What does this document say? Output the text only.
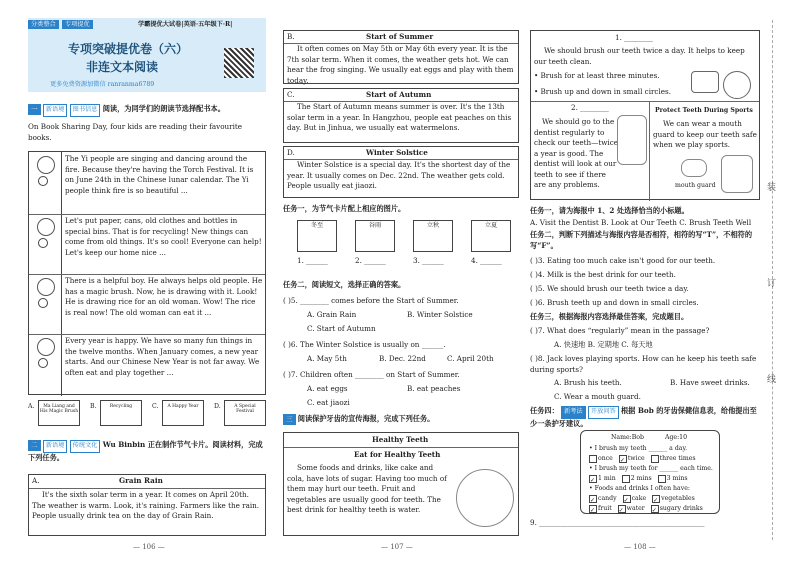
分类整合	专项提优	学霸提优大试卷|英语·五年级下·R|
专项突破提优卷（六）
非连文本阅读
更多免费资源加微信 ranranma6789
一 新语境 图书信息 阅读，为同学们的朗读节选择配书本。
On Book Sharing Day, four kids are reading their favourite books.
The Yi people are singing and dancing around the fire. Because they're having the Torch Festival. It is on June 24th in the Chinese lunar calendar. The Yi people think fire is so beautiful ...
Let's put paper, cans, old clothes and bottles in special bins. That is for recycling! New things can come from old things. It's so cool! Everyone can help! Let's keep our home nice ...
There is a helpful boy. He always helps old people. He has a magic brush. Now, he is drawing with it. Look! He is drawing rice for an old woman. Wow! The rice is real now! The old woman can eat it ...
Every year is happy. We have so many fun things in the twelve months. When January comes, a new year starts. And our Chinese New Year is not far away. We often eat and play together ...
A.	Ma Liang and His Magic Brush
B.	Recycling	C.	A Happy Year	D.	A Special Festival
二 新语境 传统文化 Wu Binbin 正在制作节气卡片。阅读材料，完成下列任务。
A.	Grain Rain
It's the sixth solar term in a year. It comes on April 20th. The weather is warm. Look, it's raining. Farmers like the rain. People usually drink tea on the day of Grain Rain.
— 106 —
B.	Start of Summer
It often comes on May 5th or May 6th every year. It is the 7th solar term. When it comes, the weather gets hot. We can hear the frog singing. We usually eat eggs and play with them today.
C.	Start of Autumn
The Start of Autumn means summer is over. It's the 13th solar term in a year. In Hangzhou, people eat peaches on this day. But in Jinhua, we usually eat watermelons.
D.	Winter Solstice
Winter Solstice is a special day. It's the shortest day of the year. It usually comes on Dec. 22nd. The weather gets cold. People usually eat jiaozi.
任务一，为节气卡片配上相应的图片。
冬至	谷雨	立秋	立夏
1. ______	2. ______	3. ______	4. ______
任务二，阅读短文，选择正确的答案。
( )5. ________ comes before the Start of Summer.
A. Grain Rain	B. Winter Solstice
C. Start of Autumn
( )6. The Winter Solstice is usually on ______.
A. May 5th	B. Dec. 22nd	C. April 20th
( )7. Children often ________ on Start of Summer.
A. eat eggs	B. eat peaches
C. eat jiaozi
三 阅读保护牙齿的宣传海报，完成下列任务。
Healthy Teeth
Eat for Healthy Teeth
Some foods and drinks, like cake and cola, have lots of sugar. Having too much of them may hurt our teeth. Fruit and vegetables are usually good for teeth. The best drink for healthy teeth is water.
— 107 —
1. ________
We should brush our teeth twice a day. It helps to keep our teeth clean.
• Brush for at least three minutes.
• Brush up and down in small circles.
2. ________
We should go to the dentist regularly to check our teeth—twice a year is good. The dentist will look at our teeth to see if there are any problems.
Protect Teeth During Sports
We can wear a mouth guard to keep our teeth safe when we play sports.
mouth guard
任务一，请为海报中 1、2 处选择恰当的小标题。
A. Visit the Dentist B. Look at Our Teeth C. Brush Teeth Well
任务二，判断下列描述与海报内容是否相符，相符的写“T”，不相符的写“F”。
( )3. Eating too much cake isn't good for our teeth.
( )4. Milk is the best drink for our teeth.
( )5. We should brush our teeth twice a day.
( )6. Brush teeth up and down in small circles.
任务三，根据海报内容选择最佳答案，完成题目。
( )7. What does “regularly” mean in the passage?
A. 快速地 B. 定期地 C. 每天地
( )8. Jack loves playing sports. How can he keep his teeth safe during sports?
A. Brush his teeth.	B. Have sweet drinks.
C. Wear a mouth guard.
任务四： 新考法 开放问答 根据 Bob 的牙齿保健信息表，给他提出至少一条护牙建议。
Name:Bob	Age:10
• I brush my teeth ______ a day.
once ✓ twice three times
• I brush my teeth for ______ each time.
✓ 1 min 2 mins 3 mins
• Foods and drinks I often have:
✓ candy ✓ cake ✓ vegetables
✓ fruit ✓ water ✓ sugary drinks
9. ______________________________________________
— 108 —
装
订
线
